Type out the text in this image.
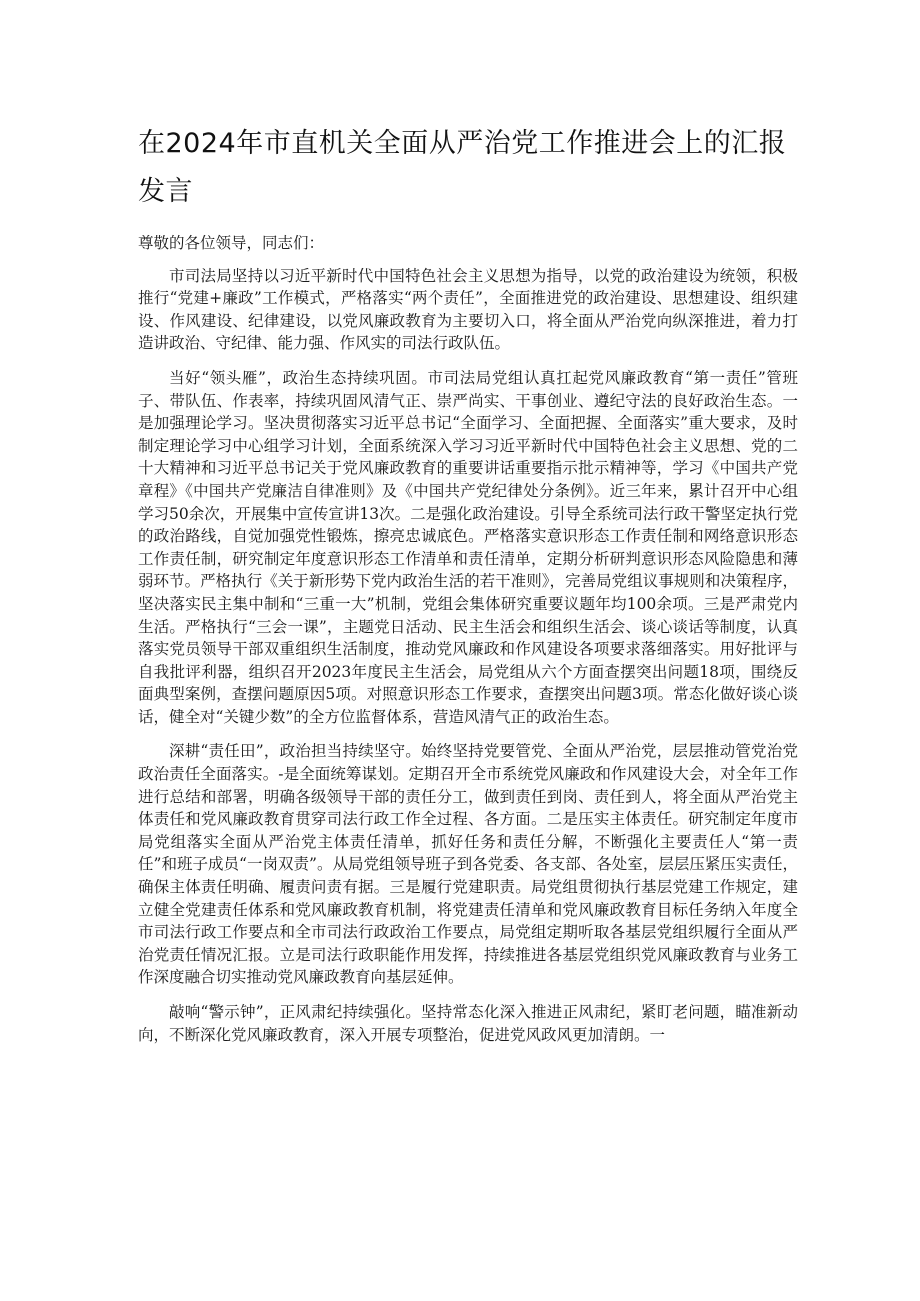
在2024年市直机关全面从严治党工作推进会上的汇报发言

尊敬的各位领导，同志们：

市司法局坚持以习近平新时代中国特色社会主义思想为指导，以党的政治建设为统领，积极推行“党建+廉政”工作模式，严格落实“两个责任”，全面推进党的政治建设、思想建设、组织建设、作风建设、纪律建设，以党风廉政教育为主要切入口，将全面从严治党向纵深推进，着力打造讲政治、守纪律、能力强、作风实的司法行政队伍。

当好“领头雁”，政治生态持续巩固。市司法局党组认真扛起党风廉政教育“第一责任”管班子、带队伍、作表率，持续巩固风清气正、崇严尚实、干事创业、遵纪守法的良好政治生态。一是加强理论学习。坚决贯彻落实习近平总书记“全面学习、全面把握、全面落实”重大要求，及时制定理论学习中心组学习计划，全面系统深入学习习近平新时代中国特色社会主义思想、党的二十大精神和习近平总书记关于党风廉政教育的重要讲话重要指示批示精神等，学习《中国共产党章程》《中国共产党廉洁自律准则》及《中国共产党纪律处分条例》。近三年来，累计召开中心组学习50余次，开展集中宣传宣讲13次。二是强化政治建设。引导全系统司法行政干警坚定执行党的政治路线，自觉加强党性锻炼，擦亮忠诚底色。严格落实意识形态工作责任制和网络意识形态工作责任制，研究制定年度意识形态工作清单和责任清单，定期分析研判意识形态风险隐患和薄弱环节。严格执行《关于新形势下党内政治生活的若干准则》，完善局党组议事规则和决策程序，坚决落实民主集中制和“三重一大”机制，党组会集体研究重要议题年均100余项。三是严肃党内生活。严格执行“三会一课”，主题党日活动、民主生活会和组织生活会、谈心谈话等制度，认真落实党员领导干部双重组织生活制度，推动党风廉政和作风建设各项要求落细落实。用好批评与自我批评利器，组织召开2023年度民主生活会，局党组从六个方面查摆突出问题18项，围绕反面典型案例，查摆问题原因5项。对照意识形态工作要求，查摆突出问题3项。常态化做好谈心谈话，健全对“关键少数”的全方位监督体系，营造风清气正的政治生态。

深耕“责任田”，政治担当持续坚守。始终坚持党要管党、全面从严治党，层层推动管党治党政治责任全面落实。-是全面统筹谋划。定期召开全市系统党风廉政和作风建设大会，对全年工作进行总结和部署，明确各级领导干部的责任分工，做到责任到岗、责任到人，将全面从严治党主体责任和党风廉政教育贯穿司法行政工作全过程、各方面。二是压实主体责任。研究制定年度市局党组落实全面从严治党主体责任清单，抓好任务和责任分解，不断强化主要责任人“第一责任”和班子成员“一岗双责”。从局党组领导班子到各党委、各支部、各处室，层层压紧压实责任，确保主体责任明确、履责问责有据。三是履行党建职责。局党组贯彻执行基层党建工作规定，建立健全党建责任体系和党风廉政教育机制，将党建责任清单和党风廉政教育目标任务纳入年度全市司法行政工作要点和全市司法行政政治工作要点，局党组定期听取各基层党组织履行全面从严治党责任情况汇报。立是司法行政职能作用发挥，持续推进各基层党组织党风廉政教育与业务工作深度融合切实推动党风廉政教育向基层延伸。

敲响“警示钟”，正风肃纪持续强化。坚持常态化深入推进正风肃纪，紧盯老问题，瞄准新动向，不断深化党风廉政教育，深入开展专项整治，促进党风政风更加清朗。一
